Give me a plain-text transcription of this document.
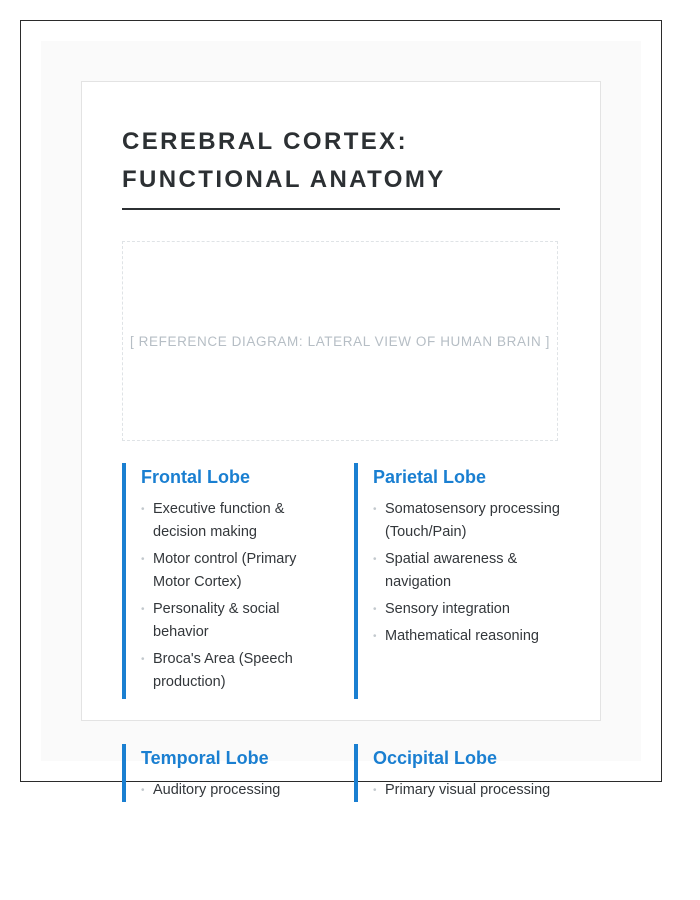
CEREBRAL CORTEX:
FUNCTIONAL ANATOMY
[ REFERENCE DIAGRAM: LATERAL VIEW OF HUMAN BRAIN ]
Frontal Lobe
• Executive function & decision making
• Motor control (Primary Motor Cortex)
• Personality & social behavior
• Broca's Area (Speech production)
Parietal Lobe
• Somatosensory processing (Touch/Pain)
• Spatial awareness & navigation
• Sensory integration
• Mathematical reasoning
Temporal Lobe
• Auditory processing
Occipital Lobe
• Primary visual processing
